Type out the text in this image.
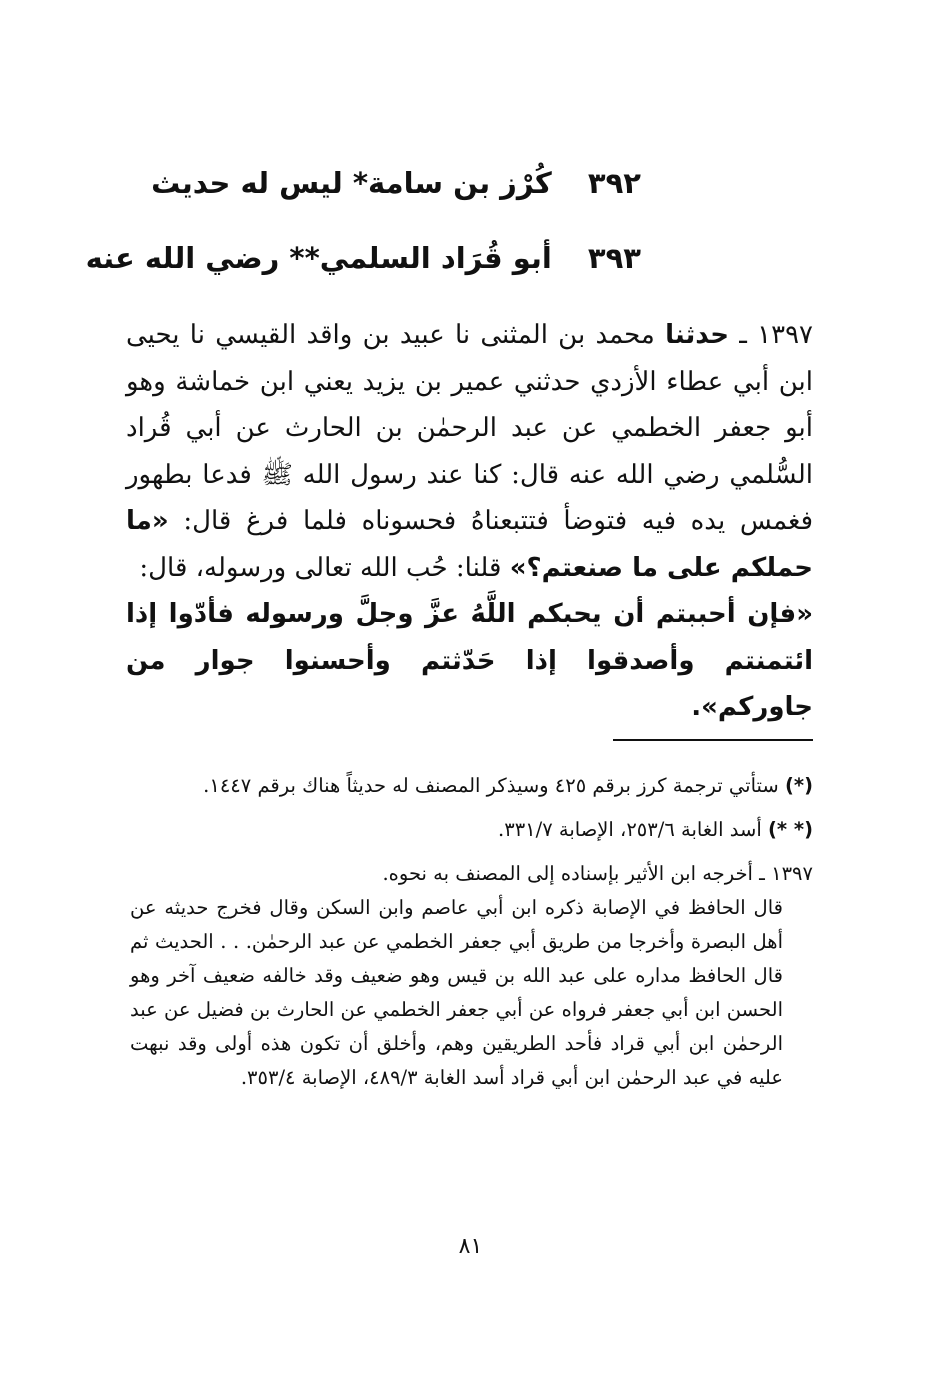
٣٩٢ كُرْز بن سامة* ليس له حديث
٣٩٣ أبو قُرَاد السلمي** رضي الله عنه

١٣٩٧ ـ حدثنا محمد بن المثنى نا عبيد بن واقد القيسي نا يحيى ابن أبي عطاء الأزدي حدثني عمير بن يزيد يعني ابن خماشة وهو أبو جعفر الخطمي عن عبد الرحمٰن بن الحارث عن أبي قُراد السُّلمي رضي الله عنه قال: كنا عند رسول الله ﷺ فدعا بطهور فغمس يده فيه فتوضأ فتتبعناهُ فحسوناه فلما فرغ قال: «ما حملكم على ما صنعتم؟» قلنا: حُب الله تعالى ورسوله، قال:

«فإن أحببتم أن يحبكم اللَّهُ عزَّ وجلَّ ورسوله فأدّوا إذا ائتمنتم وأصدقوا إذا حَدّثتم وأحسنوا جوار من جاوركم».

(*) ستأتي ترجمة كرز برقم ٤٢٥ وسيذكر المصنف له حديثاً هناك برقم ١٤٤٧.

(* *) أسد الغابة ٢٥٣/٦، الإصابة ٣٣١/٧.

١٣٩٧ ـ أخرجه ابن الأثير بإسناده إلى المصنف به نحوه.

قال الحافظ في الإصابة ذكره ابن أبي عاصم وابن السكن وقال فخرج حديثه عن أهل البصرة وأخرجا من طريق أبي جعفر الخطمي عن عبد الرحمٰن. . . الحديث ثم قال الحافظ مداره على عبد الله بن قيس وهو ضعيف وقد خالفه ضعيف آخر وهو الحسن ابن أبي جعفر فرواه عن أبي جعفر الخطمي عن الحارث بن فضيل عن عبد الرحمٰن ابن أبي قراد فأحد الطريقين وهم، وأخلق أن تكون هذه أولى وقد نبهت عليه في عبد الرحمٰن ابن أبي قراد أسد الغابة ٤٨٩/٣، الإصابة ٣٥٣/٤.

٨١
